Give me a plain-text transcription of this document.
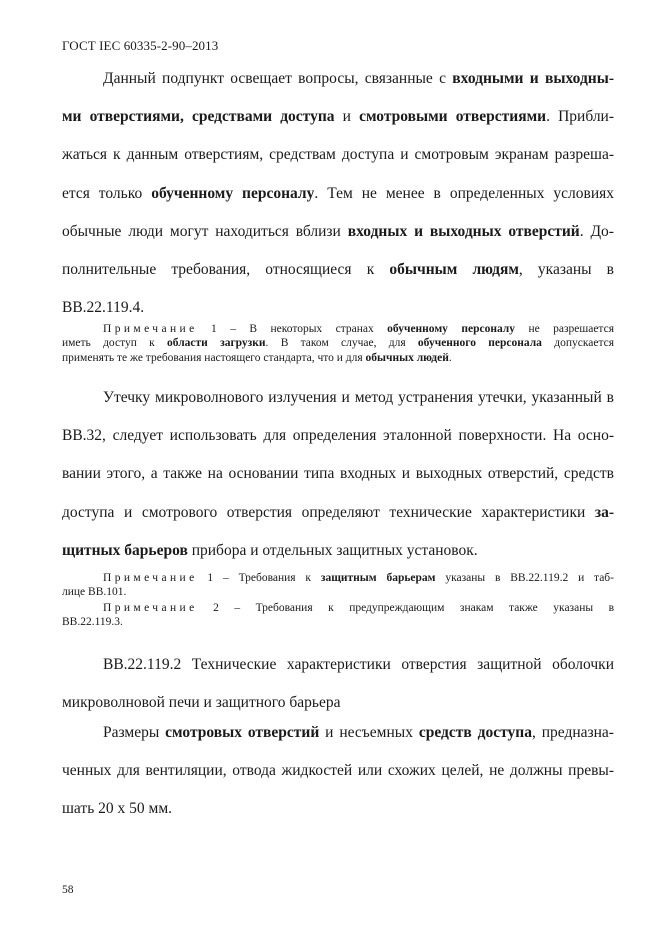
ГОСТ IEC 60335-2-90–2013
Данный подпункт освещает вопросы, связанные с входными и выходны-
ми отверстиями, средствами доступа и смотровыми отверстиями. Прибли-
жаться к данным отверстиям, средствам доступа и смотровым экранам разреша-
ется только обученному персоналу. Тем не менее в определенных условиях
обычные люди могут находиться вблизи входных и выходных отверстий. До-
полнительные требования, относящиеся к обычным людям, указаны в
BB.22.119.4.
Примечание 1 – В некоторых странах обученному персоналу не разрешается
иметь доступ к области загрузки. В таком случае, для обученного персонала допускается
применять те же требования настоящего стандарта, что и для обычных людей.
Утечку микроволнового излучения и метод устранения утечки, указанный в
BB.32, следует использовать для определения эталонной поверхности. На осно-
вании этого, а также на основании типа входных и выходных отверстий, средств
доступа и смотрового отверстия определяют технические характеристики за-
щитных барьеров прибора и отдельных защитных установок.
Примечание 1 – Требования к защитным барьерам указаны в BB.22.119.2 и таб-
лице BB.101.
Примечание 2 – Требования к предупреждающим знакам также указаны в
BB.22.119.3.
BB.22.119.2 Технические характеристики отверстия защитной оболочки
микроволновой печи и защитного барьера
Размеры смотровых отверстий и несъемных средств доступа, предназна-
ченных для вентиляции, отвода жидкостей или схожих целей, не должны превы-
шать 20 х 50 мм.
58
